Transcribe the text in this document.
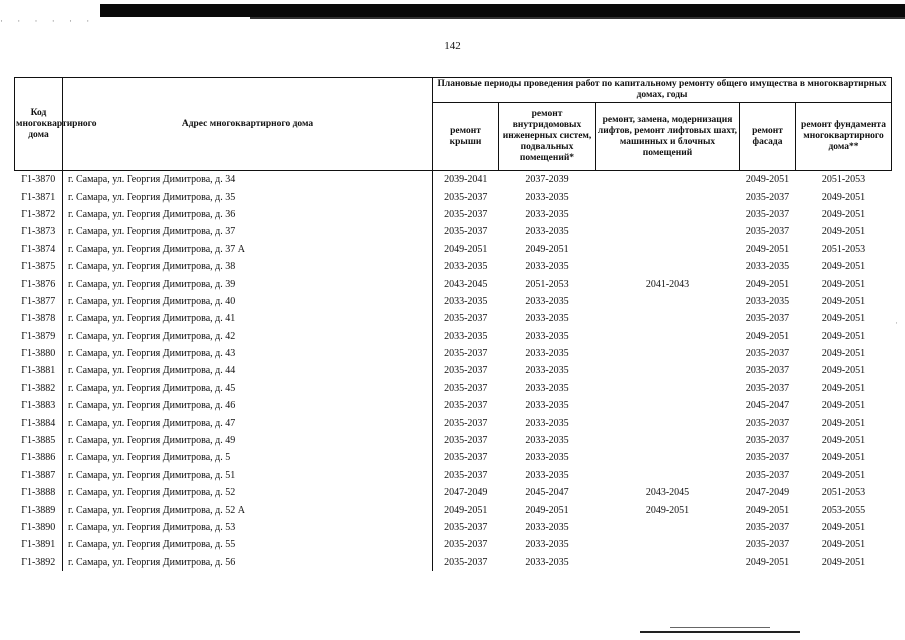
· · · · · ·
142
Код многоквартирного дома	Адрес многоквартирного дома	Плановые периоды проведения работ по капитальному ремонту общего имущества в многоквартирных домах, годы				
		ремонт крыши	ремонт внутридомовых инженерных систем, подвальных помещений*	ремонт, замена, модернизация лифтов, ремонт лифтовых шахт, машинных и блочных помещений	ремонт фасада	ремонт фундамента многоквартирного дома**
Г1-3870	г. Самара, ул. Георгия Димитрова, д. 34	2039-2041	2037-2039		2049-2051	2051-2053
Г1-3871	г. Самара, ул. Георгия Димитрова, д. 35	2035-2037	2033-2035		2035-2037	2049-2051
Г1-3872	г. Самара, ул. Георгия Димитрова, д. 36	2035-2037	2033-2035		2035-2037	2049-2051
Г1-3873	г. Самара, ул. Георгия Димитрова, д. 37	2035-2037	2033-2035		2035-2037	2049-2051
Г1-3874	г. Самара, ул. Георгия Димитрова, д. 37 А	2049-2051	2049-2051		2049-2051	2051-2053
Г1-3875	г. Самара, ул. Георгия Димитрова, д. 38	2033-2035	2033-2035		2033-2035	2049-2051
Г1-3876	г. Самара, ул. Георгия Димитрова, д. 39	2043-2045	2051-2053	2041-2043	2049-2051	2049-2051
Г1-3877	г. Самара, ул. Георгия Димитрова, д. 40	2033-2035	2033-2035		2033-2035	2049-2051
Г1-3878	г. Самара, ул. Георгия Димитрова, д. 41	2035-2037	2033-2035		2035-2037	2049-2051
Г1-3879	г. Самара, ул. Георгия Димитрова, д. 42	2033-2035	2033-2035		2049-2051	2049-2051
Г1-3880	г. Самара, ул. Георгия Димитрова, д. 43	2035-2037	2033-2035		2035-2037	2049-2051
Г1-3881	г. Самара, ул. Георгия Димитрова, д. 44	2035-2037	2033-2035		2035-2037	2049-2051
Г1-3882	г. Самара, ул. Георгия Димитрова, д. 45	2035-2037	2033-2035		2035-2037	2049-2051
Г1-3883	г. Самара, ул. Георгия Димитрова, д. 46	2035-2037	2033-2035		2045-2047	2049-2051
Г1-3884	г. Самара, ул. Георгия Димитрова, д. 47	2035-2037	2033-2035		2035-2037	2049-2051
Г1-3885	г. Самара, ул. Георгия Димитрова, д. 49	2035-2037	2033-2035		2035-2037	2049-2051
Г1-3886	г. Самара, ул. Георгия Димитрова, д. 5	2035-2037	2033-2035		2035-2037	2049-2051
Г1-3887	г. Самара, ул. Георгия Димитрова, д. 51	2035-2037	2033-2035		2035-2037	2049-2051
Г1-3888	г. Самара, ул. Георгия Димитрова, д. 52	2047-2049	2045-2047	2043-2045	2047-2049	2051-2053
Г1-3889	г. Самара, ул. Георгия Димитрова, д. 52 А	2049-2051	2049-2051	2049-2051	2049-2051	2053-2055
Г1-3890	г. Самара, ул. Георгия Димитрова, д. 53	2035-2037	2033-2035		2035-2037	2049-2051
Г1-3891	г. Самара, ул. Георгия Димитрова, д. 55	2035-2037	2033-2035		2035-2037	2049-2051
Г1-3892	г. Самара, ул. Георгия Димитрова, д. 56	2035-2037	2033-2035		2049-2051	2049-2051
·
